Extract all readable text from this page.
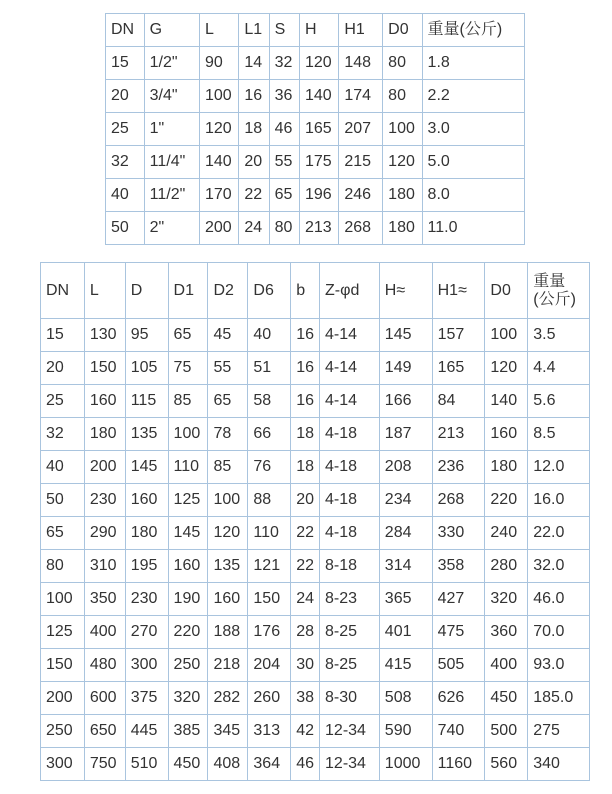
DN	G	L	L1	S	H	H1	D0	重量(公斤)
15	1/2"	90	14	32	120	148	80	1.8
20	3/4"	100	16	36	140	174	80	2.2
25	1"	120	18	46	165	207	100	3.0
32	11/4"	140	20	55	175	215	120	5.0
40	11/2"	170	22	65	196	246	180	8.0
50	2"	200	24	80	213	268	180	11.0
DN	L	D	D1	D2	D6	b	Z-φd	H≈	H1≈	D0	重量(公斤)
15	130	95	65	45	40	16	4-14	145	157	100	3.5
20	150	105	75	55	51	16	4-14	149	165	120	4.4
25	160	115	85	65	58	16	4-14	166	84	140	5.6
32	180	135	100	78	66	18	4-18	187	213	160	8.5
40	200	145	110	85	76	18	4-18	208	236	180	12.0
50	230	160	125	100	88	20	4-18	234	268	220	16.0
65	290	180	145	120	110	22	4-18	284	330	240	22.0
80	310	195	160	135	121	22	8-18	314	358	280	32.0
100	350	230	190	160	150	24	8-23	365	427	320	46.0
125	400	270	220	188	176	28	8-25	401	475	360	70.0
150	480	300	250	218	204	30	8-25	415	505	400	93.0
200	600	375	320	282	260	38	8-30	508	626	450	185.0
250	650	445	385	345	313	42	12-34	590	740	500	275
300	750	510	450	408	364	46	12-34	1000	1160	560	340
